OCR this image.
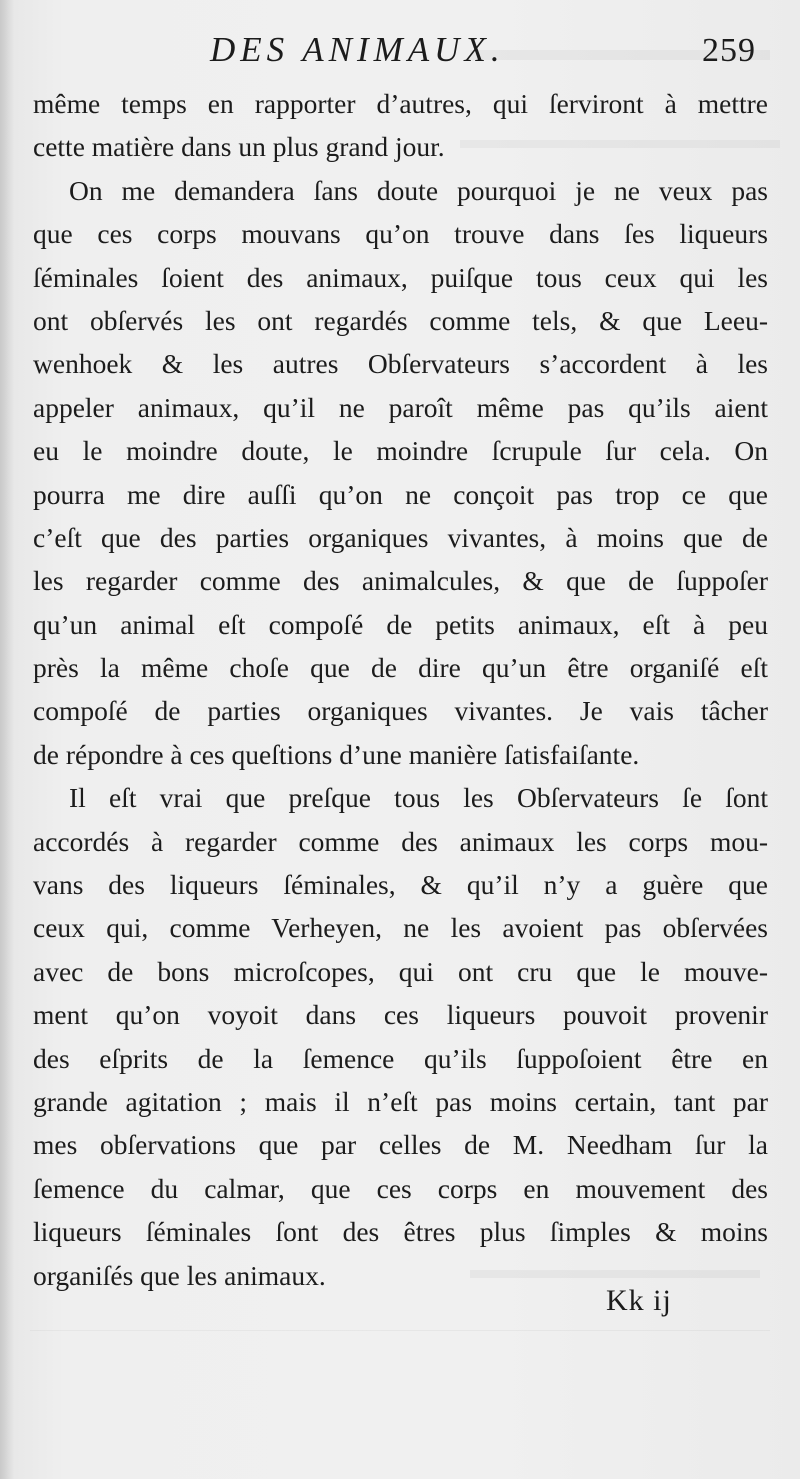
DES ANIMAUX.	259
même temps en rapporter d’autres, qui ſerviront à mettre
cette matière dans un plus grand jour.
On me demandera ſans doute pourquoi je ne veux pas
que ces corps mouvans qu’on trouve dans ſes liqueurs
ſéminales ſoient des animaux, puiſque tous ceux qui les
ont obſervés les ont regardés comme tels, & que Leeu-
wenhoek & les autres Obſervateurs s’accordent à les
appeler animaux, qu’il ne paroît même pas qu’ils aient
eu le moindre doute, le moindre ſcrupule ſur cela. On
pourra me dire auſſi qu’on ne conçoit pas trop ce que
c’eſt que des parties organiques vivantes, à moins que de
les regarder comme des animalcules, & que de ſuppoſer
qu’un animal eſt compoſé de petits animaux, eſt à peu
près la même choſe que de dire qu’un être organiſé eſt
compoſé de parties organiques vivantes. Je vais tâcher
de répondre à ces queſtions d’une manière ſatisfaiſante.
Il eſt vrai que preſque tous les Obſervateurs ſe ſont
accordés à regarder comme des animaux les corps mou-
vans des liqueurs ſéminales, & qu’il n’y a guère que
ceux qui, comme Verheyen, ne les avoient pas obſervées
avec de bons microſcopes, qui ont cru que le mouve-
ment qu’on voyoit dans ces liqueurs pouvoit provenir
des eſprits de la ſemence qu’ils ſuppoſoient être en
grande agitation ; mais il n’eſt pas moins certain, tant par
mes obſervations que par celles de M. Needham ſur la
ſemence du calmar, que ces corps en mouvement des
liqueurs ſéminales ſont des êtres plus ſimples & moins
organiſés que les animaux.
Kk ij
